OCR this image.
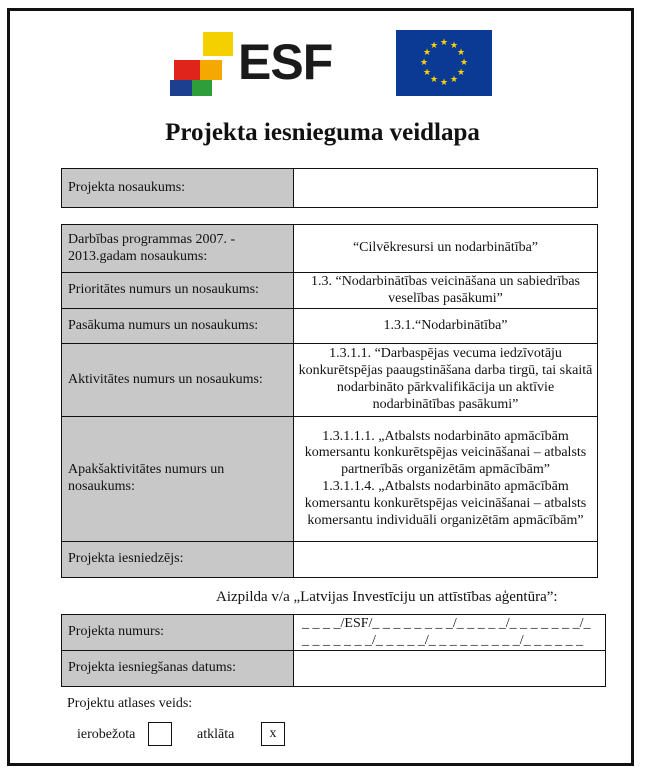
ESF	★ ★
★
★
★
★
★
★
★
★
★
★
Projekta iesnieguma veidlapa
Projekta nosaukums:	
Darbības programmas 2007. - 2013.gadam nosaukums:	“Cilvēkresursi un nodarbinātība”
Prioritātes numurs un nosaukums:	1.3. “Nodarbinātības veicināšana un sabiedrības veselības pasākumi”
Pasākuma numurs un nosaukums:	1.3.1.“Nodarbinātība”
Aktivitātes numurs un nosaukums:	1.3.1.1. “Darbaspējas vecuma iedzīvotāju konkurētspējas paaugstināšana darba tirgū, tai skaitā nodarbināto pārkvalifikācija un aktīvie nodarbinātības pasākumi”
Apakšaktivitātes numurs un nosaukums:	1.3.1.1.1. „Atbalsts nodarbināto apmācībām komersantu konkurētspējas veicināšanai – atbalsts partnerībās organizētām apmācībām”
1.3.1.1.4. „Atbalsts nodarbināto apmācībām komersantu konkurētspējas veicināšanai – atbalsts komersantu individuāli organizētām apmācībām”

Projekta iesniedzējs:	
Aizpilda v/a „Latvijas Investīciju un attīstības aģentūra”:
Projekta numurs:	_ _ _ _/ESF/_ _ _ _ _ _ _ _/_ _ _ _ _/_ _ _ _ _ _ _/_ _ _ _ _ _ _ _/_ _ _ _ _/_ _ _ _ _ _ _ _ _/_ _ _ _ _ _
Projekta iesniegšanas datums:	
Projektu atlases veids:
ierobežota	atklāta	x
